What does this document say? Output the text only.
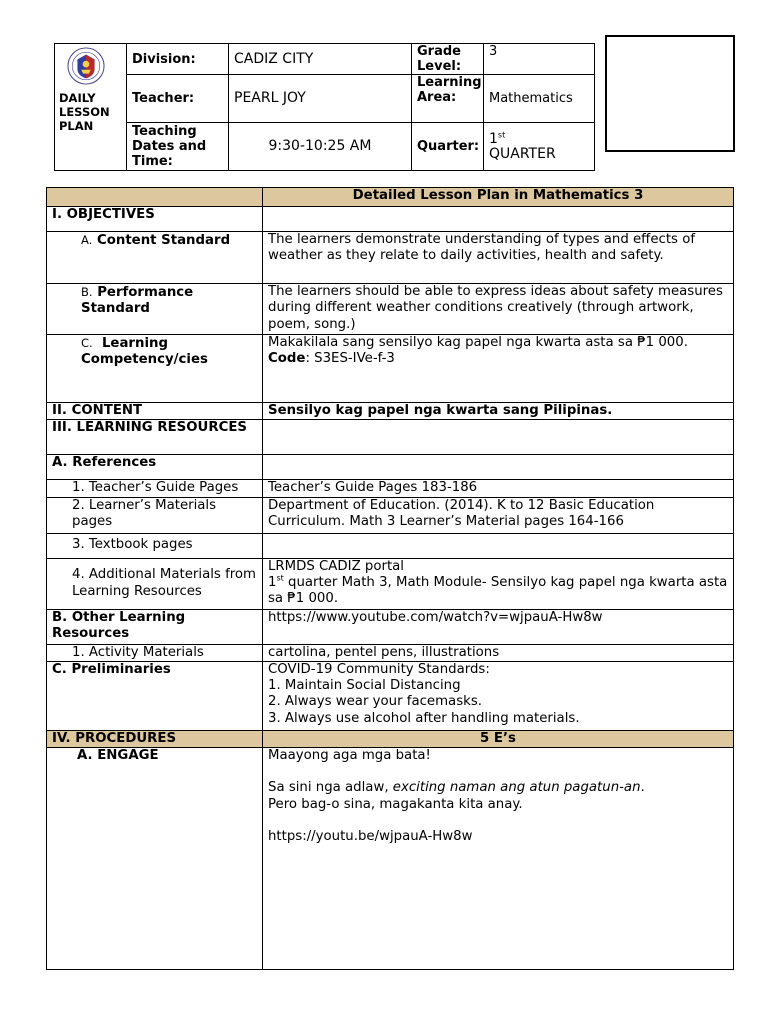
DAILY LESSON PLAN	Division:	CADIZ CITY	Grade Level:	3
	Teacher:	PEARL JOY	Learning Area:	Mathematics
	Teaching Dates and Time:	9:30-10:25 AM	Quarter:	1st
QUARTER
	Detailed Lesson Plan in Mathematics 3
I. OBJECTIVES	
A. Content Standard	The learners demonstrate understanding of types and effects of weather as they relate to daily activities, health and safety.
B. Performance Standard	The learners should be able to express ideas about safety measures during different weather conditions creatively (through artwork, poem, song.)
C. Learning Competency/cies	Makakilala sang sensilyo kag papel nga kwarta asta sa ₱1 000.
Code: S3ES-IVe-f-3
II. CONTENT	Sensilyo kag papel nga kwarta sang Pilipinas.
III. LEARNING RESOURCES	
A. References	
1. Teacher’s Guide Pages	Teacher’s Guide Pages 183-186
2. Learner’s Materials pages	Department of Education. (2014). K to 12 Basic Education Curriculum. Math 3 Learner’s Material pages 164-166
3. Textbook pages	
4. Additional Materials from Learning Resources	LRMDS CADIZ portal
1st quarter Math 3, Math Module- Sensilyo kag papel nga kwarta asta sa ₱1 000.
B. Other Learning Resources	https://www.youtube.com/watch?v=wjpauA-Hw8w
1. Activity Materials	cartolina, pentel pens, illustrations
C. Preliminaries	COVID-19 Community Standards:
1. Maintain Social Distancing
2. Always wear your facemasks.
3. Always use alcohol after handling materials.
IV. PROCEDURES	5 E’s
A. ENGAGE	Maayong aga mga bata!
Sa sini nga adlaw, exciting naman ang atun pagatun-an.
Pero bag-o sina, magakanta kita anay.
https://youtu.be/wjpauA-Hw8w
